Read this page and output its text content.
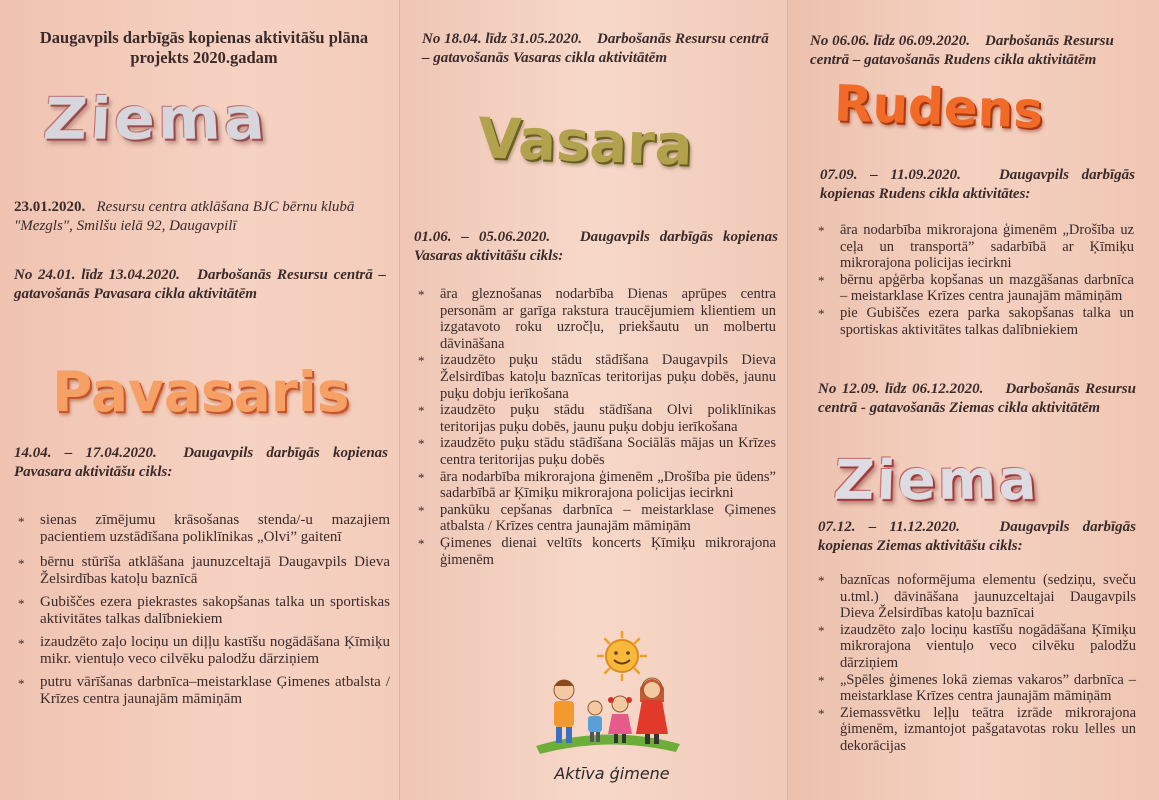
Daugavpils darbīgās kopienas aktivitāšu plāna projekts 2020.gadam

Ziema

23.01.2020. Resursu centra atklāšana BJC bērnu klubā "Mezgls", Smilšu ielā 92, Daugavpilī

No 24.01. līdz 13.04.2020. Darbošanās Resursu centrā – gatavošanās Pavasara cikla aktivitātēm

Pavasaris

14.04. – 17.04.2020. Daugavpils darbīgās kopienas Pavasara aktivitāšu cikls:

* sienas zīmējumu krāsošanas stenda/-u mazajiem pacientiem uzstādīšana poliklīnikas „Olvi” gaitenī
* bērnu stūrīša atklāšana jaunuzceltajā Daugavpils Dieva Želsirdības katoļu baznīcā
* Gubiščes ezera piekrastes sakopšanas talka un sportiskas aktivitātes talkas dalībniekiem
* izaudzēto zaļo lociņu un diļļu kastīšu nogādāšana Ķīmiķu mikr. vientuļo veco cilvēku palodžu dārziņiem
* putru vārīšanas darbnīca–meistarklase Ģimenes atbalsta / Krīzes centra jaunajām māmiņām

No 18.04. līdz 31.05.2020. Darbošanās Resursu centrā – gatavošanās Vasaras cikla aktivitātēm

Vasara

01.06. – 05.06.2020. Daugavpils darbīgās kopienas Vasaras aktivitāšu cikls:

* āra gleznošanas nodarbība Dienas aprūpes centra personām ar garīga rakstura traucējumiem klientiem un izgatavoto roku uzročļu, priekšautu un molbertu dāvināšana
* izaudzēto puķu stādu stādīšana Daugavpils Dieva Želsirdības katoļu baznīcas teritorijas puķu dobēs, jaunu puķu dobju ierīkošana
* izaudzēto puķu stādu stādīšana Olvi poliklīnikas teritorijas puķu dobēs, jaunu puķu dobju ierīkošana
* izaudzēto puķu stādu stādīšana Sociālās mājas un Krīzes centra teritorijas puķu dobēs
* āra nodarbība mikrorajona ģimenēm „Drošība pie ūdens” sadarbībā ar Ķīmiķu mikrorajona policijas iecirkni
* pankūku cepšanas darbnīca – meistarklase Ģimenes atbalsta / Krīzes centra jaunajām māmiņām
* Ģimenes dienai veltīts koncerts Ķīmiķu mikrorajona ģimenēm

Aktīva ģimene

No 06.06. līdz 06.09.2020. Darbošanās Resursu centrā – gatavošanās Rudens cikla aktivitātēm

Rudens

07.09. – 11.09.2020.	Daugavpils darbīgās kopienas Rudens cikla aktivitātes:

* āra nodarbība mikrorajona ģimenēm „Drošība uz ceļa un transportā” sadarbībā ar Ķīmiķu mikrorajona policijas iecirkni
* bērnu apģērba kopšanas un mazgāšanas darbnīca – meistarklase Krīzes centra jaunajām māmiņām
* pie Gubiščes ezera parka sakopšanas talka un sportiskas aktivitātes talkas dalībniekiem

No 12.09. līdz 06.12.2020. Darbošanās Resursu centrā - gatavošanās Ziemas cikla aktivitātēm

Ziema

07.12. – 11.12.2020.	Daugavpils darbīgās kopienas Ziemas aktivitāšu cikls:

* baznīcas noformējuma elementu (sedziņu, sveču u.tml.) dāvināšana jaunuzceltajai Daugavpils Dieva Želsirdības katoļu baznīcai
* izaudzēto zaļo lociņu kastīšu nogādāšana Ķīmiķu mikrorajona vientuļo veco cilvēku palodžu dārziņiem
* „Spēles ģimenes lokā ziemas vakaros” darbnīca – meistarklase Krīzes centra jaunajām māmiņām
* Ziemassvētku leļļu teātra izrāde mikrorajona ģimenēm, izmantojot pašgatavotas roku lelles un dekorācijas
